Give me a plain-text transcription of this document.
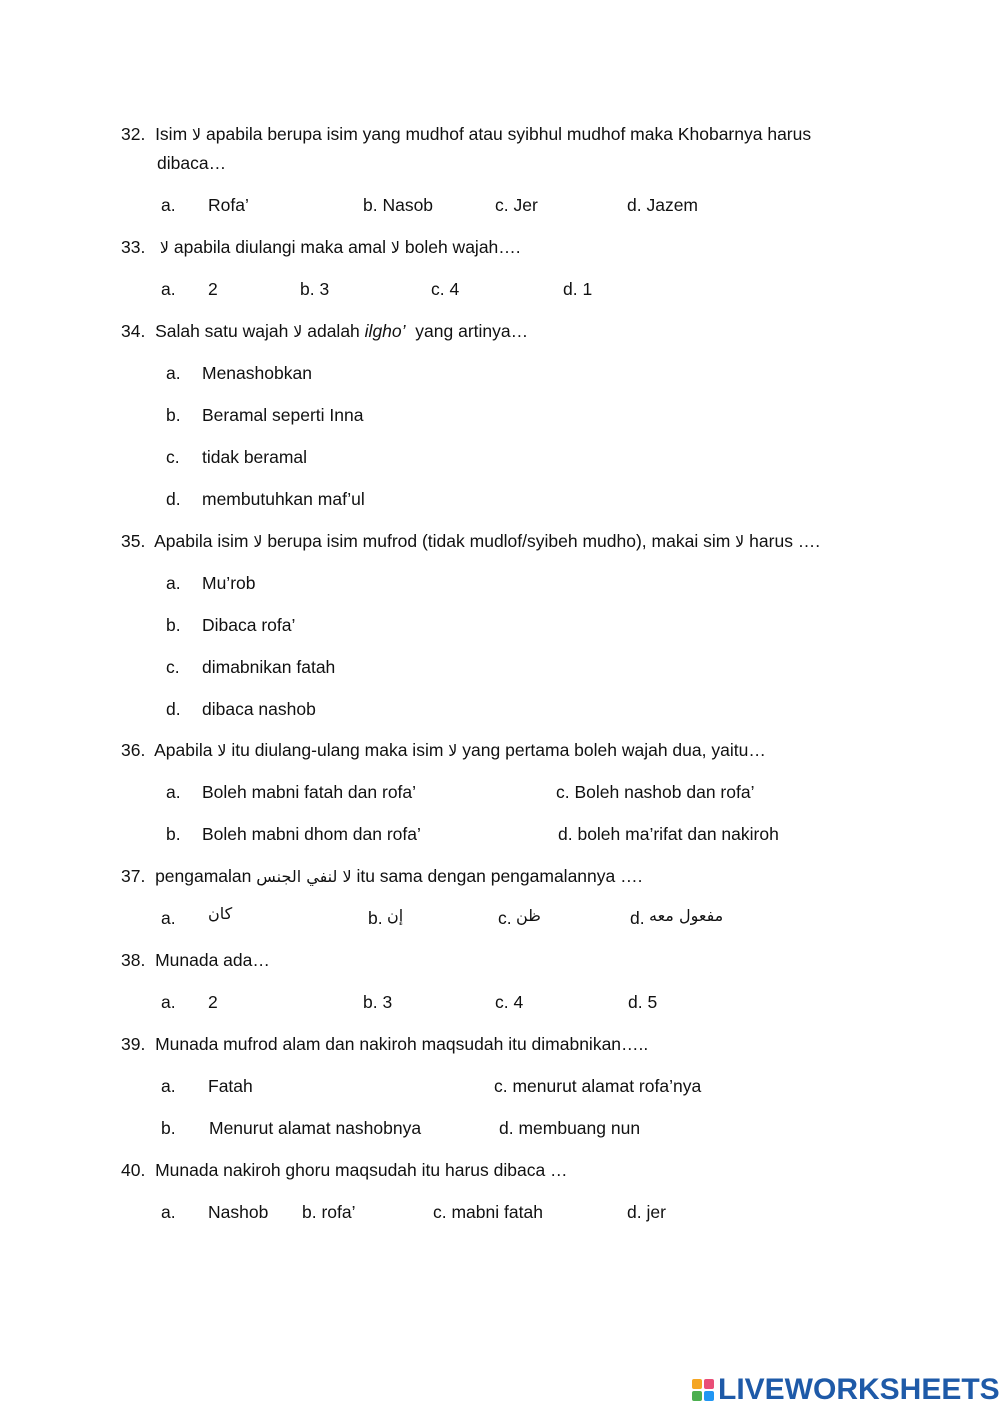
32. Isim لا apabila berupa isim yang mudhof atau syibhul mudhof maka Khobarnya harus
dibaca…
a. Rofa’	b. Nasob	c. Jer	d. Jazem
33. لا apabila diulangi maka amal لا boleh wajah….
a. 2	b. 3	c. 4	d. 1
34. Salah satu wajah لا adalah ilgho’ yang artinya…
a. Menashobkan
b. Beramal seperti Inna
c. tidak beramal
d. membutuhkan maf’ul
35. Apabila isim لا berupa isim mufrod (tidak mudlof/syibeh mudho), makai sim لا harus ….
a. Mu’rob
b. Dibaca rofa’
c. dimabnikan fatah
d. dibaca nashob
36. Apabila لا itu diulang-ulang maka isim لا yang pertama boleh wajah dua, yaitu…
a. Boleh mabni fatah dan rofa’	c. Boleh nashob dan rofa’
b. Boleh mabni dhom dan rofa’	d. boleh ma’rifat dan nakiroh
37. pengamalan لا لنفي الجنس itu sama dengan pengamalannya ….
a. كان	b. إن	c. ظن	d. مفعول معه
38. Munada ada…
a. 2	b. 3	c. 4	d. 5
39. Munada mufrod alam dan nakiroh maqsudah itu dimabnikan…..
a. Fatah	c. menurut alamat rofa’nya
b. Menurut alamat nashobnya	d. membuang nun
40. Munada nakiroh ghoru maqsudah itu harus dibaca …
a. Nashob b. rofa’	c. mabni fatah	d. jer
LIVEWORKSHEETS
